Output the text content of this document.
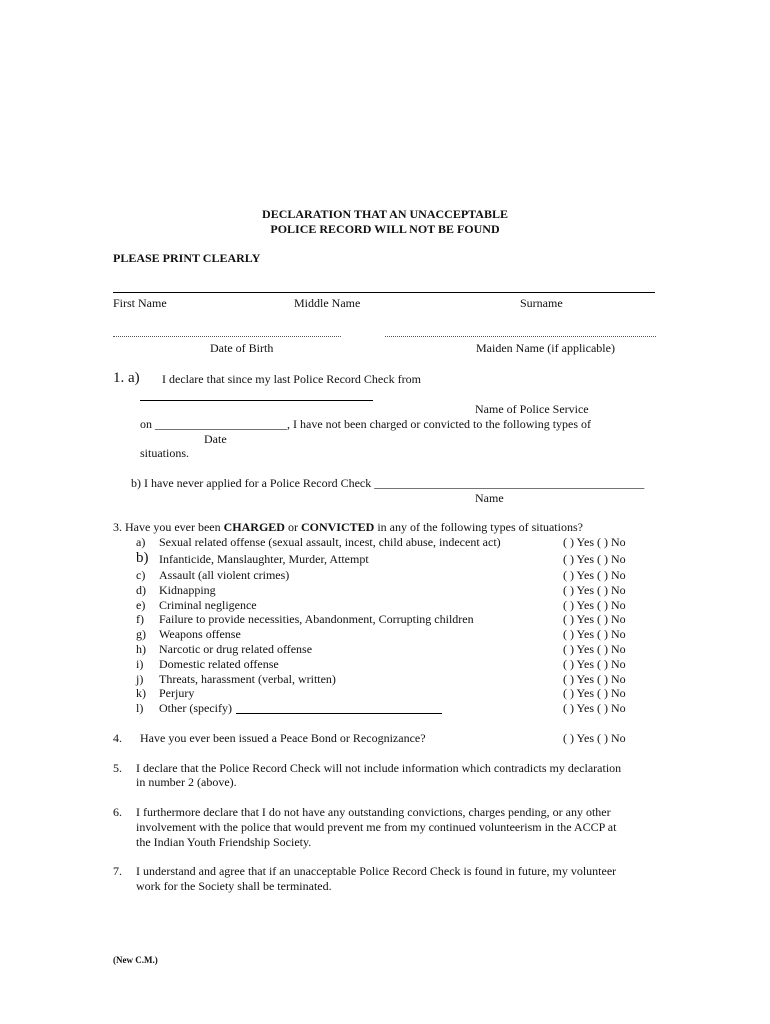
DECLARATION THAT AN UNACCEPTABLE
POLICE RECORD WILL NOT BE FOUND
PLEASE PRINT CLEARLY
First Name	Middle Name	Surname
Date of Birth	Maiden Name (if applicable)
1. a) I declare that since my last Police Record Check from
Name of Police Service
on ______________________, I have not been charged or convicted to the following types of
Date
situations.
b) I have never applied for a Police Record Check _____________________________________________
Name
3. Have you ever been CHARGED or CONVICTED in any of the following types of situations?
a) Sexual related offense (sexual assault, incest, child abuse, indecent act)	( ) Yes ( ) No
b) Infanticide, Manslaughter, Murder, Attempt	( ) Yes ( ) No
c) Assault (all violent crimes)	( ) Yes ( ) No
d) Kidnapping	( ) Yes ( ) No
e) Criminal negligence	( ) Yes ( ) No
f) Failure to provide necessities, Abandonment, Corrupting children	( ) Yes ( ) No
g) Weapons offense	( ) Yes ( ) No
h) Narcotic or drug related offense	( ) Yes ( ) No
i) Domestic related offense	( ) Yes ( ) No
j) Threats, harassment (verbal, written)	( ) Yes ( ) No
k) Perjury	( ) Yes ( ) No
l) Other (specify)	( ) Yes ( ) No
4. Have you ever been issued a Peace Bond or Recognizance?	( ) Yes ( ) No
5. I declare that the Police Record Check will not include information which contradicts my declaration
in number 2 (above).
6. I furthermore declare that I do not have any outstanding convictions, charges pending, or any other
involvement with the police that would prevent me from my continued volunteerism in the ACCP at
the Indian Youth Friendship Society.
7. I understand and agree that if an unacceptable Police Record Check is found in future, my volunteer
work for the Society shall be terminated.
(New C.M.)
